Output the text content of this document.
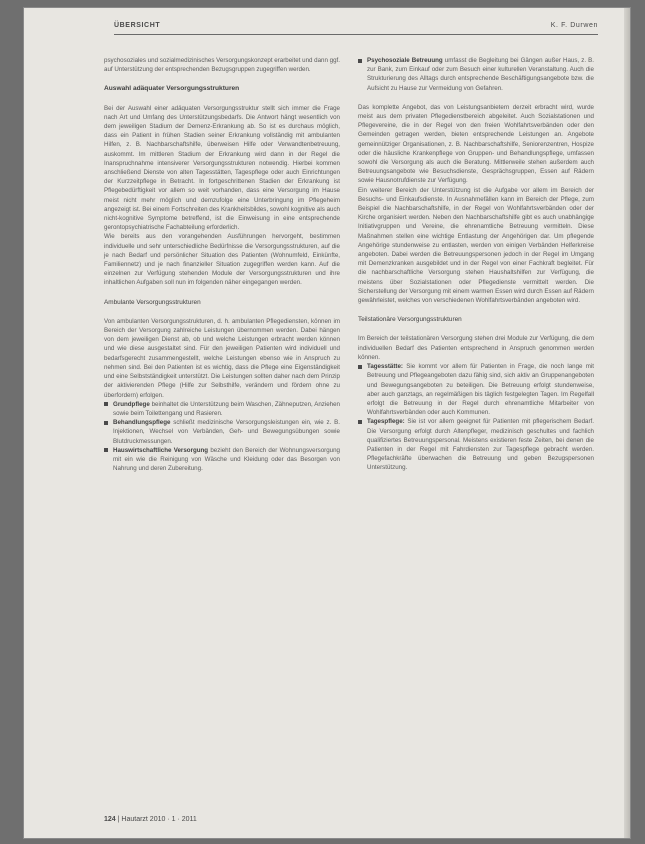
ÜBERSICHT	K. F. Durwen

psychosoziales und sozialmedizinisches Versorgungskonzept erarbeitet und dann ggf. auf Unterstützung der entsprechenden Bezugsgruppen zugegriffen werden.

Auswahl adäquater Versorgungsstrukturen

Bei der Auswahl einer adäquaten Versorgungsstruktur stellt sich immer die Frage nach Art und Umfang des Unterstützungsbedarfs. Die Antwort hängt wesentlich von dem jeweiligen Stadium der Demenz-Erkrankung ab. So ist es durchaus möglich, dass ein Patient in frühen Stadien seiner Erkrankung vollständig mit ambulanten Hilfen, z. B. Nachbarschaftshilfe, überweisen Hilfe oder Verwandtenbetreuung, auskommt. Im mittleren Stadium der Erkrankung wird dann in der Regel die Inanspruchnahme intensiverer Versorgungsstrukturen notwendig. Hierbei kommen anschließend Dienste von alten Tagesstätten, Tagespflege oder auch Einrichtungen der Kurzzeitpflege in Betracht. In fortgeschrittenen Stadien der Erkrankung ist Pflegebedürftigkeit vor allem so weit vorhanden, dass eine Versorgung im Hause meist nicht mehr möglich und demzufolge eine Unterbringung im Pflegeheim angezeigt ist. Bei einem Fortschreiten des Krankheitsbildes, sowohl kognitive als auch nicht-kognitive Symptome betreffend, ist die Einweisung in eine entsprechende gerontopsychiatrische Fachabteilung erforderlich.

Wie bereits aus den vorangehenden Ausführungen hervorgeht, bestimmen individuelle und sehr unterschiedliche Bedürfnisse die Versorgungsstrukturen, auf die je nach Bedarf und persönlicher Situation des Patienten (Wohnumfeld, Einkünfte, Familiennetz) und je nach finanzieller Situation zugegriffen werden kann. Auf die einzelnen zur Verfügung stehenden Module der Versorgungsstrukturen und ihre inhaltlichen Aufgaben soll nun im folgenden näher eingegangen werden.

Ambulante Versorgungsstrukturen

Von ambulanten Versorgungsstrukturen, d. h. ambulanten Pflegediensten, können im Bereich der Versorgung zahlreiche Leistungen übernommen werden. Dabei hängen von dem jeweiligen Dienst ab, ob und welche Leistungen erbracht werden können und wie diese ausgestaltet sind. Für den jeweiligen Patienten wird individuell und bedarfsgerecht zusammengestellt, welche Leistungen ebenso wie in Anspruch zu nehmen sind. Bei den Patienten ist es wichtig, dass die Pflege eine Eigenständigkeit und eine Selbstständigkeit unterstützt. Die Leistungen sollten daher nach dem Prinzip der aktivierenden Pflege (Hilfe zur Selbsthilfe, verändern und fördern ohne zu überfordern) erfolgen.

Grundpflege beinhaltet die Unterstützung beim Waschen, Zähneputzen, Anziehen sowie beim Toilettengang und Rasieren.
Behandlungspflege schließt medizinische Versorgungsleistungen ein, wie z. B. Injektionen, Wechsel von Verbänden, Geh- und Bewegungsübungen sowie Blutdruckmessungen.
Hauswirtschaftliche Versorgung bezieht den Bereich der Wohnungsversorgung mit ein wie die Reinigung von Wäsche und Kleidung oder das Besorgen von Nahrung und deren Zubereitung.
Psychosoziale Betreuung umfasst die Begleitung bei Gängen außer Haus, z. B. zur Bank, zum Einkauf oder zum Besuch einer kulturellen Veranstaltung. Auch die Strukturierung des Alltags durch entsprechende Beschäftigungsangebote bzw. die Aufsicht zu Hause zur Vermeidung von Gefahren.

Das komplette Angebot, das von Leistungsanbietern derzeit erbracht wird, wurde meist aus dem privaten Pflegedienstbereich abgeleitet. Auch Sozialstationen und Pflegevereine, die in der Regel von den freien Wohlfahrtsverbänden oder den Gemeinden getragen werden, bieten entsprechende Leistungen an. Angebote gemeinnütziger Organisationen, z. B. Nachbarschaftshilfe, Seniorenzentren, Hospize oder die häusliche Krankenpflege von Gruppen- und Behandlungspflege, umfassen sowohl die Versorgung als auch die Beratung. Mittlerweile stehen außerdem auch Betreuungsangebote wie Besuchsdienste, Gesprächsgruppen, Essen auf Rädern sowie Hausnotrufdienste zur Verfügung.

Ein weiterer Bereich der Unterstützung ist die Aufgabe vor allem im Bereich der Besuchs- und Einkaufsdienste. In Ausnahmefällen kann im Bereich der Pflege, zum Beispiel die Nachbarschaftshilfe, in der Regel von Wohlfahrtsverbänden oder der Kirche organisiert werden. Neben den Nachbarschaftshilfe gibt es auch unabhängige Initiativgruppen und Vereine, die ehrenamtliche Betreuung vermitteln. Diese Maßnahmen stellen eine wichtige Entlastung der Angehörigen dar. Um pflegende Angehörige stundenweise zu entlasten, werden von einigen Verbänden Helferkreise angeboten. Dabei werden die Betreuungspersonen jedoch in der Regel im Umgang mit Demenzkranken ausgebildet und in der Regel von einer Fachkraft begleitet. Für die nachbarschaftliche Versorgung stehen Haushaltshilfen zur Verfügung, die meistens über Sozialstationen oder Pflegedienste vermittelt werden. Die Sicherstellung der Versorgung mit einem warmen Essen wird durch Essen auf Rädern gewährleistet, welches von verschiedenen Wohlfahrtsverbänden angeboten wird.

Teilstationäre Versorgungsstrukturen

Im Bereich der teilstationären Versorgung stehen drei Module zur Verfügung, die dem individuellen Bedarf des Patienten entsprechend in Anspruch genommen werden können.

Tagesstätte: Sie kommt vor allem für Patienten in Frage, die noch lange mit Betreuung und Pflegeangeboten dazu fähig sind, sich aktiv an Gruppenangeboten und Bewegungsangeboten zu beteiligen. Die Betreuung erfolgt stundenweise, aber auch ganztags, an regelmäßigen bis täglich festgelegten Tagen. Im Regelfall erfolgt die Betreuung in der Regel durch ehrenamtliche Mitarbeiter von Wohlfahrtsverbänden oder auch Kommunen.
Tagespflege: Sie ist vor allem geeignet für Patienten mit pflegerischem Bedarf. Die Versorgung erfolgt durch Altenpfleger, medizinisch geschultes und fachlich qualifiziertes Betreuungspersonal. Meistens existieren feste Zeiten, bei denen die Patienten in der Regel mit Fahrdiensten zur Tagespflege gebracht werden. Pflegefachkräfte überwachen die Betreuung und geben Bezugspersonen Unterstützung.
124 | Hautarzt 2010 · 1 · 2011
